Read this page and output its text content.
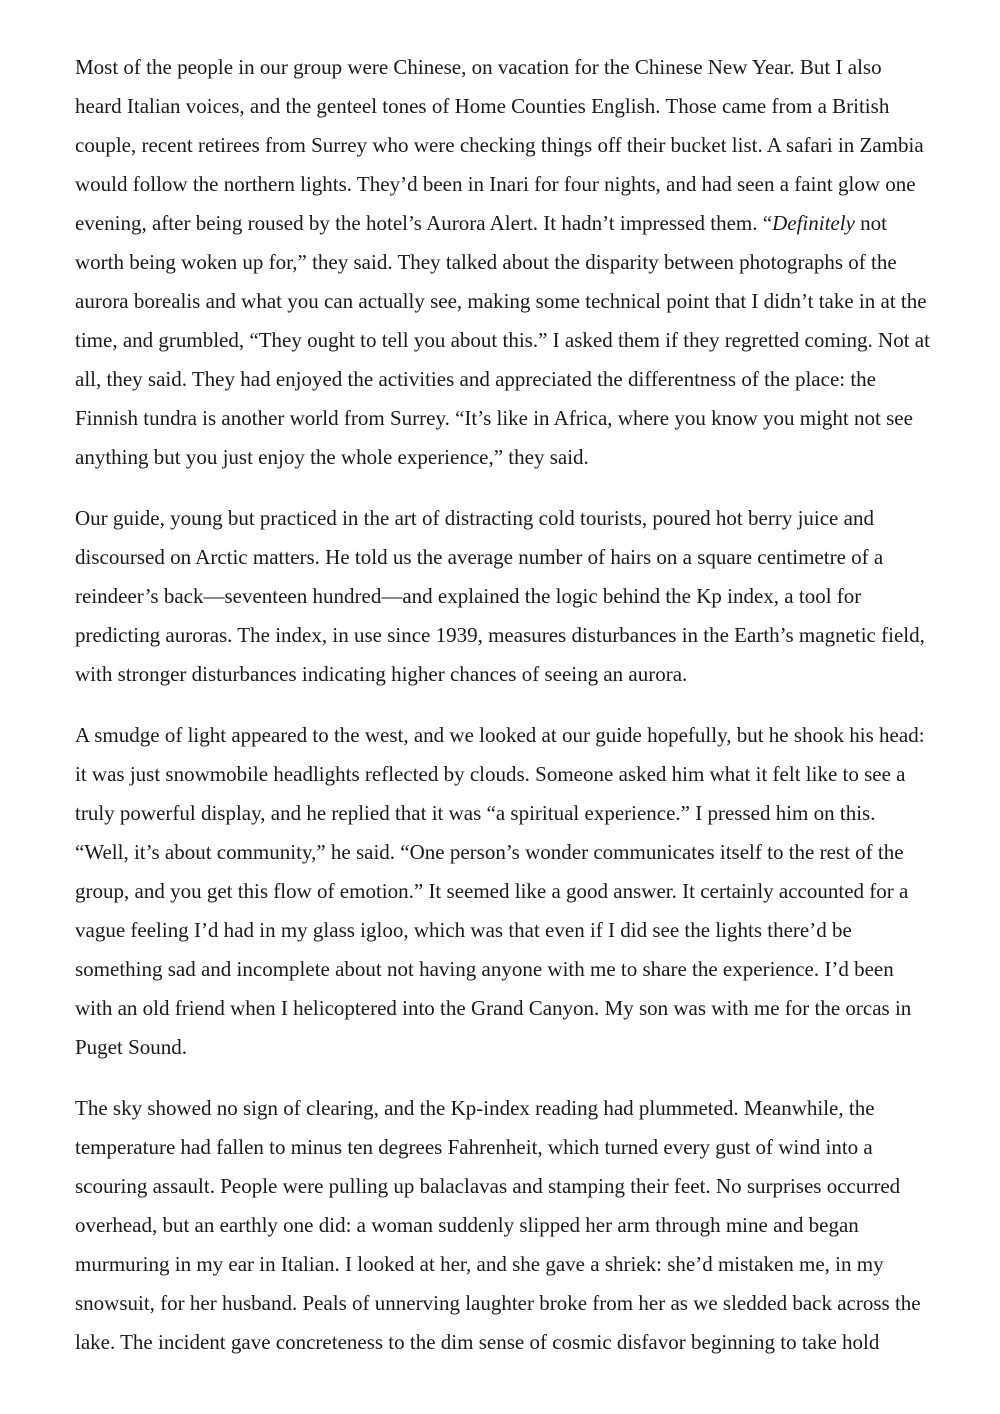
Most of the people in our group were Chinese, on vacation for the Chinese New Year. But I also heard Italian voices, and the genteel tones of Home Counties English. Those came from a British couple, recent retirees from Surrey who were checking things off their bucket list. A safari in Zambia would follow the northern lights. They’d been in Inari for four nights, and had seen a faint glow one evening, after being roused by the hotel’s Aurora Alert. It hadn’t impressed them. “Definitely not worth being woken up for,” they said. They talked about the disparity between photographs of the aurora borealis and what you can actually see, making some technical point that I didn’t take in at the time, and grumbled, “They ought to tell you about this.” I asked them if they regretted coming. Not at all, they said. They had enjoyed the activities and appreciated the differentness of the place: the Finnish tundra is another world from Surrey. “It’s like in Africa, where you know you might not see anything but you just enjoy the whole experience,” they said.

Our guide, young but practiced in the art of distracting cold tourists, poured hot berry juice and discoursed on Arctic matters. He told us the average number of hairs on a square centimetre of a reindeer’s back—seventeen hundred—and explained the logic behind the Kp index, a tool for predicting auroras. The index, in use since 1939, measures disturbances in the Earth’s magnetic field, with stronger disturbances indicating higher chances of seeing an aurora.

A smudge of light appeared to the west, and we looked at our guide hopefully, but he shook his head: it was just snowmobile headlights reflected by clouds. Someone asked him what it felt like to see a truly powerful display, and he replied that it was “a spiritual experience.” I pressed him on this. “Well, it’s about community,” he said. “One person’s wonder communicates itself to the rest of the group, and you get this flow of emotion.” It seemed like a good answer. It certainly accounted for a vague feeling I’d had in my glass igloo, which was that even if I did see the lights there’d be something sad and incomplete about not having anyone with me to share the experience. I’d been with an old friend when I helicoptered into the Grand Canyon. My son was with me for the orcas in Puget Sound.

The sky showed no sign of clearing, and the Kp-index reading had plummeted. Meanwhile, the temperature had fallen to minus ten degrees Fahrenheit, which turned every gust of wind into a scouring assault. People were pulling up balaclavas and stamping their feet. No surprises occurred overhead, but an earthly one did: a woman suddenly slipped her arm through mine and began murmuring in my ear in Italian. I looked at her, and she gave a shriek: she’d mistaken me, in my snowsuit, for her husband. Peals of unnerving laughter broke from her as we sledded back across the lake. The incident gave concreteness to the dim sense of cosmic disfavor beginning to take hold
